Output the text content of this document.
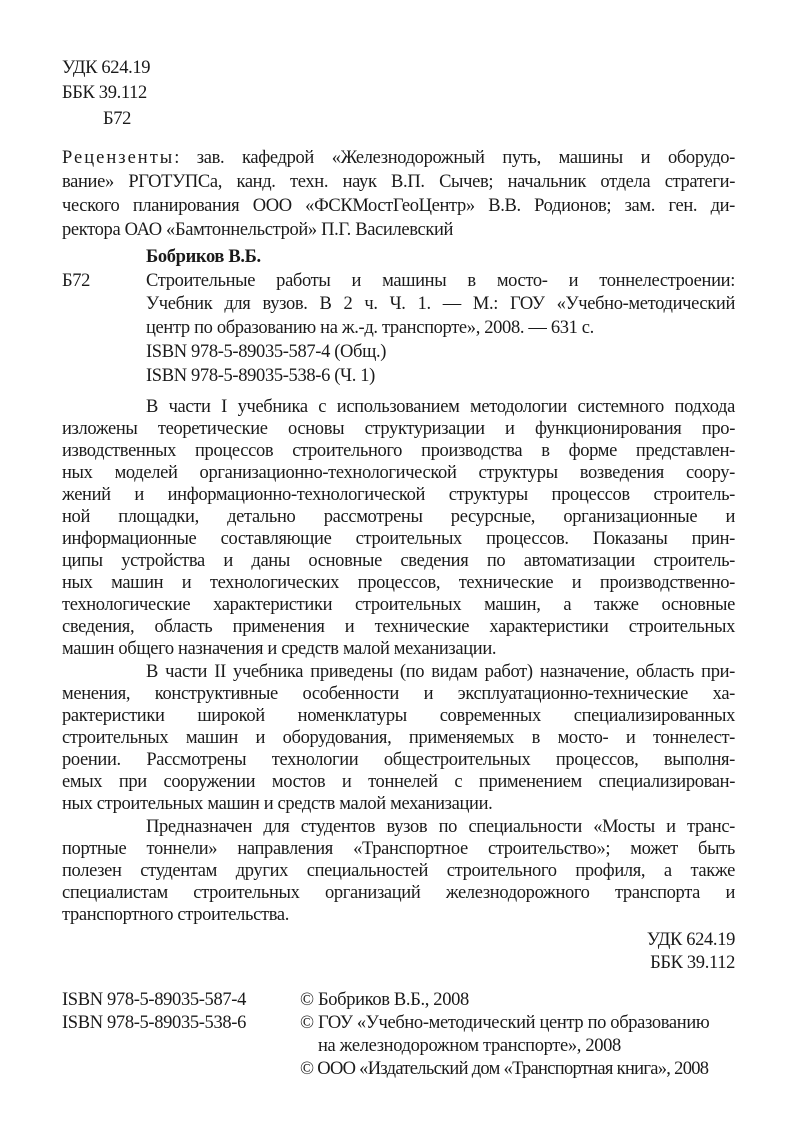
УДК 624.19
ББК 39.112
Б72
Рецензенты: зав. кафедрой «Железнодорожный путь, машины и оборудо-
вание» РГОТУПСа, канд. техн. наук В.П. Сычев; начальник отдела стратеги-
ческого планирования ООО «ФСКМостГеоЦентр» В.В. Родионов; зам. ген. ди-
ректора ОАО «Бамтоннельстрой» П.Г. Василевский
Бобриков В.Б.
Б72	Строительные работы и машины в мосто- и тоннелестроении:
Учебник для вузов. В 2 ч. Ч. 1. — М.: ГОУ «Учебно-методический
центр по образованию на ж.-д. транспорте», 2008. — 631 с.
ISBN 978-5-89035-587-4 (Общ.)
ISBN 978-5-89035-538-6 (Ч. 1)
В части I учебника с использованием методологии системного подхода
изложены теоретические основы структуризации и функционирования про-
изводственных процессов строительного производства в форме представлен-
ных моделей организационно-технологической структуры возведения соору-
жений и информационно-технологической структуры процессов строитель-
ной площадки, детально рассмотрены ресурсные, организационные и
информационные составляющие строительных процессов. Показаны прин-
ципы устройства и даны основные сведения по автоматизации строитель-
ных машин и технологических процессов, технические и производственно-
технологические характеристики строительных машин, а также основные
сведения, область применения и технические характеристики строительных
машин общего назначения и средств малой механизации.
В части II учебника приведены (по видам работ) назначение, область при-
менения, конструктивные особенности и эксплуатационно-технические ха-
рактеристики широкой номенклатуры современных специализированных
строительных машин и оборудования, применяемых в мосто- и тоннелест-
роении. Рассмотрены технологии общестроительных процессов, выполня-
емых при сооружении мостов и тоннелей с применением специализирован-
ных строительных машин и средств малой механизации.
Предназначен для студентов вузов по специальности «Мосты и транс-
портные тоннели» направления «Транспортное строительство»; может быть
полезен студентам других специальностей строительного профиля, а также
специалистам строительных организаций железнодорожного транспорта и
транспортного строительства.
УДК 624.19
ББК 39.112
ISBN 978-5-89035-587-4
ISBN 978-5-89035-538-6
© Бобриков В.Б., 2008
© ГОУ «Учебно-методический центр по образованию
на железнодорожном транспорте», 2008
© ООО «Издательский дом «Транспортная книга», 2008
